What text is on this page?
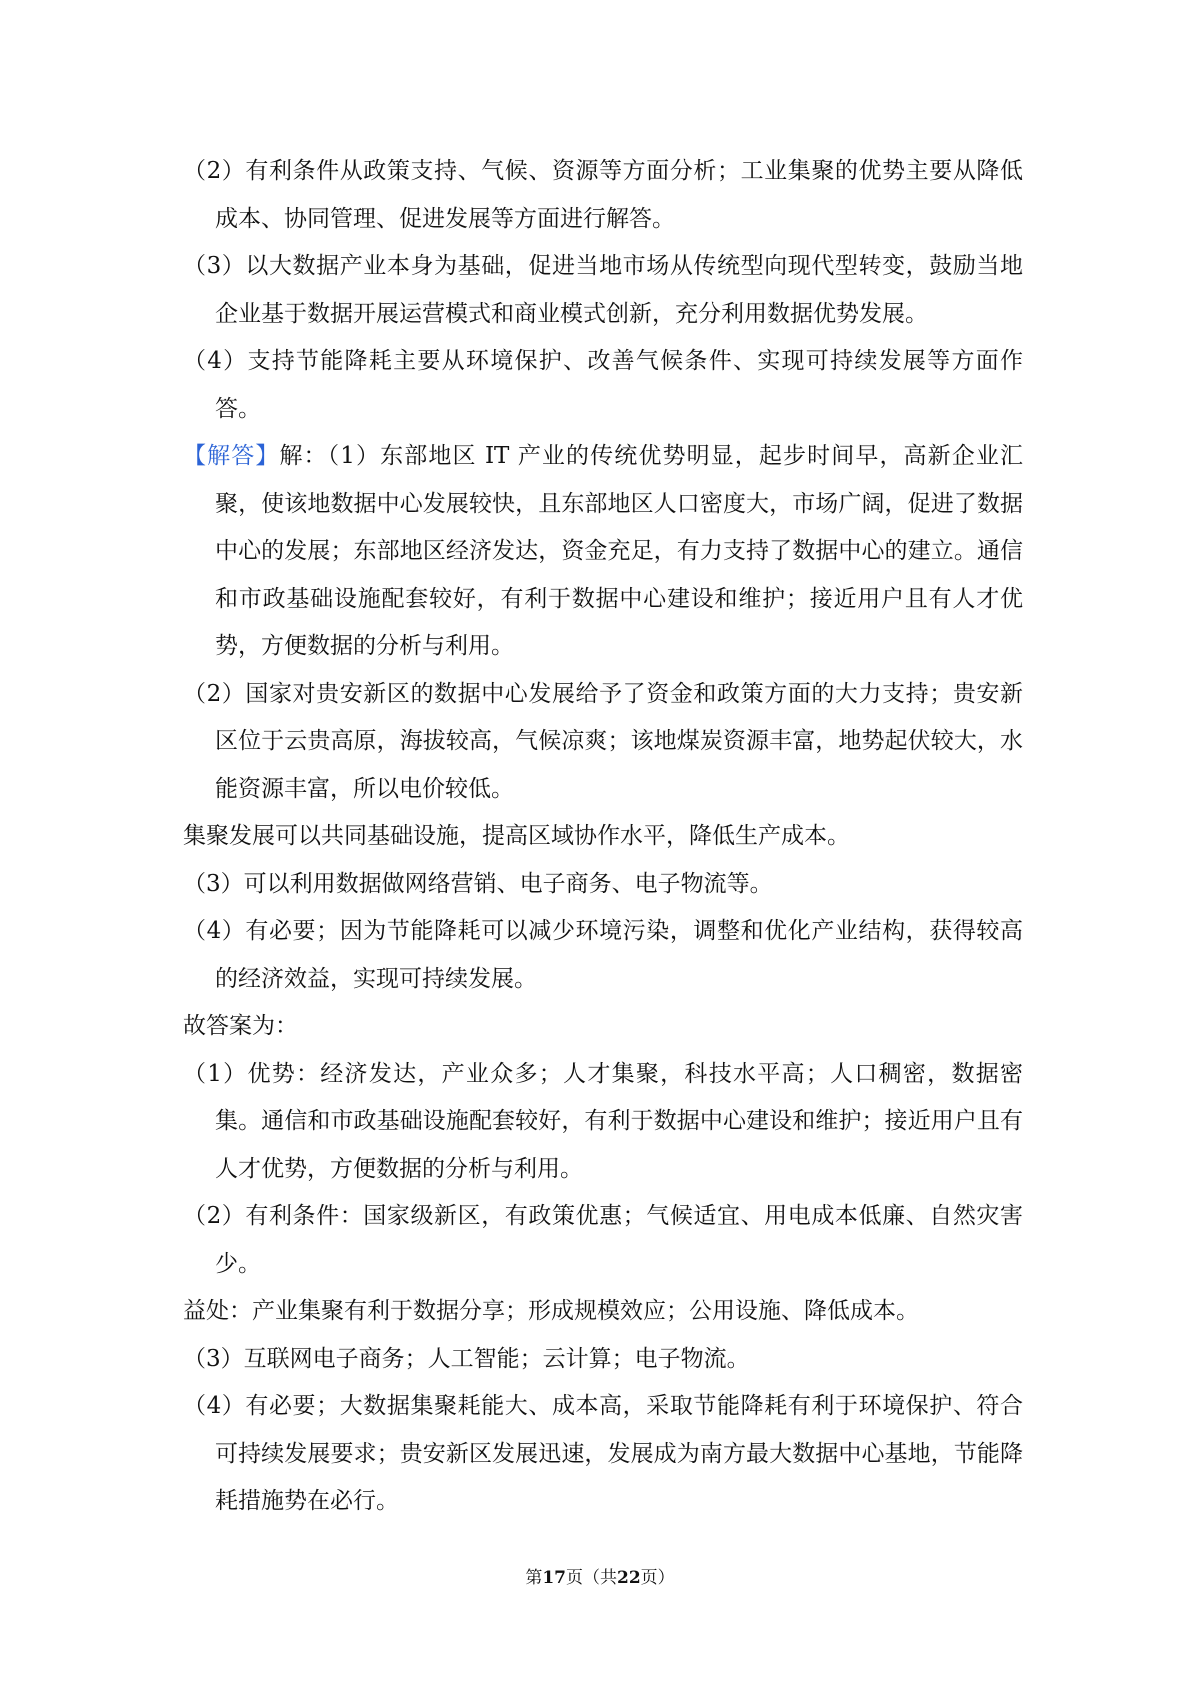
（2）有利条件从政策支持、气候、资源等方面分析；工业集聚的优势主要从降低成本、协同管理、促进发展等方面进行解答。

（3）以大数据产业本身为基础，促进当地市场从传统型向现代型转变，鼓励当地企业基于数据开展运营模式和商业模式创新，充分利用数据优势发展。

（4）支持节能降耗主要从环境保护、改善气候条件、实现可持续发展等方面作答。

【解答】解：（1）东部地区 IT 产业的传统优势明显，起步时间早，高新企业汇聚，使该地数据中心发展较快，且东部地区人口密度大，市场广阔，促进了数据中心的发展；东部地区经济发达，资金充足，有力支持了数据中心的建立。通信和市政基础设施配套较好，有利于数据中心建设和维护；接近用户且有人才优势，方便数据的分析与利用。

（2）国家对贵安新区的数据中心发展给予了资金和政策方面的大力支持；贵安新区位于云贵高原，海拔较高，气候凉爽；该地煤炭资源丰富，地势起伏较大，水能资源丰富，所以电价较低。

集聚发展可以共同基础设施，提高区域协作水平，降低生产成本。

（3）可以利用数据做网络营销、电子商务、电子物流等。

（4）有必要；因为节能降耗可以减少环境污染，调整和优化产业结构，获得较高的经济效益，实现可持续发展。

故答案为：

（1）优势：经济发达，产业众多；人才集聚，科技水平高；人口稠密，数据密集。通信和市政基础设施配套较好，有利于数据中心建设和维护；接近用户且有人才优势，方便数据的分析与利用。

（2）有利条件：国家级新区，有政策优惠；气候适宜、用电成本低廉、自然灾害少。

益处：产业集聚有利于数据分享；形成规模效应；公用设施、降低成本。

（3）互联网电子商务；人工智能；云计算；电子物流。

（4）有必要；大数据集聚耗能大、成本高，采取节能降耗有利于环境保护、符合可持续发展要求；贵安新区发展迅速，发展成为南方最大数据中心基地，节能降耗措施势在必行。

第17页（共22页）
